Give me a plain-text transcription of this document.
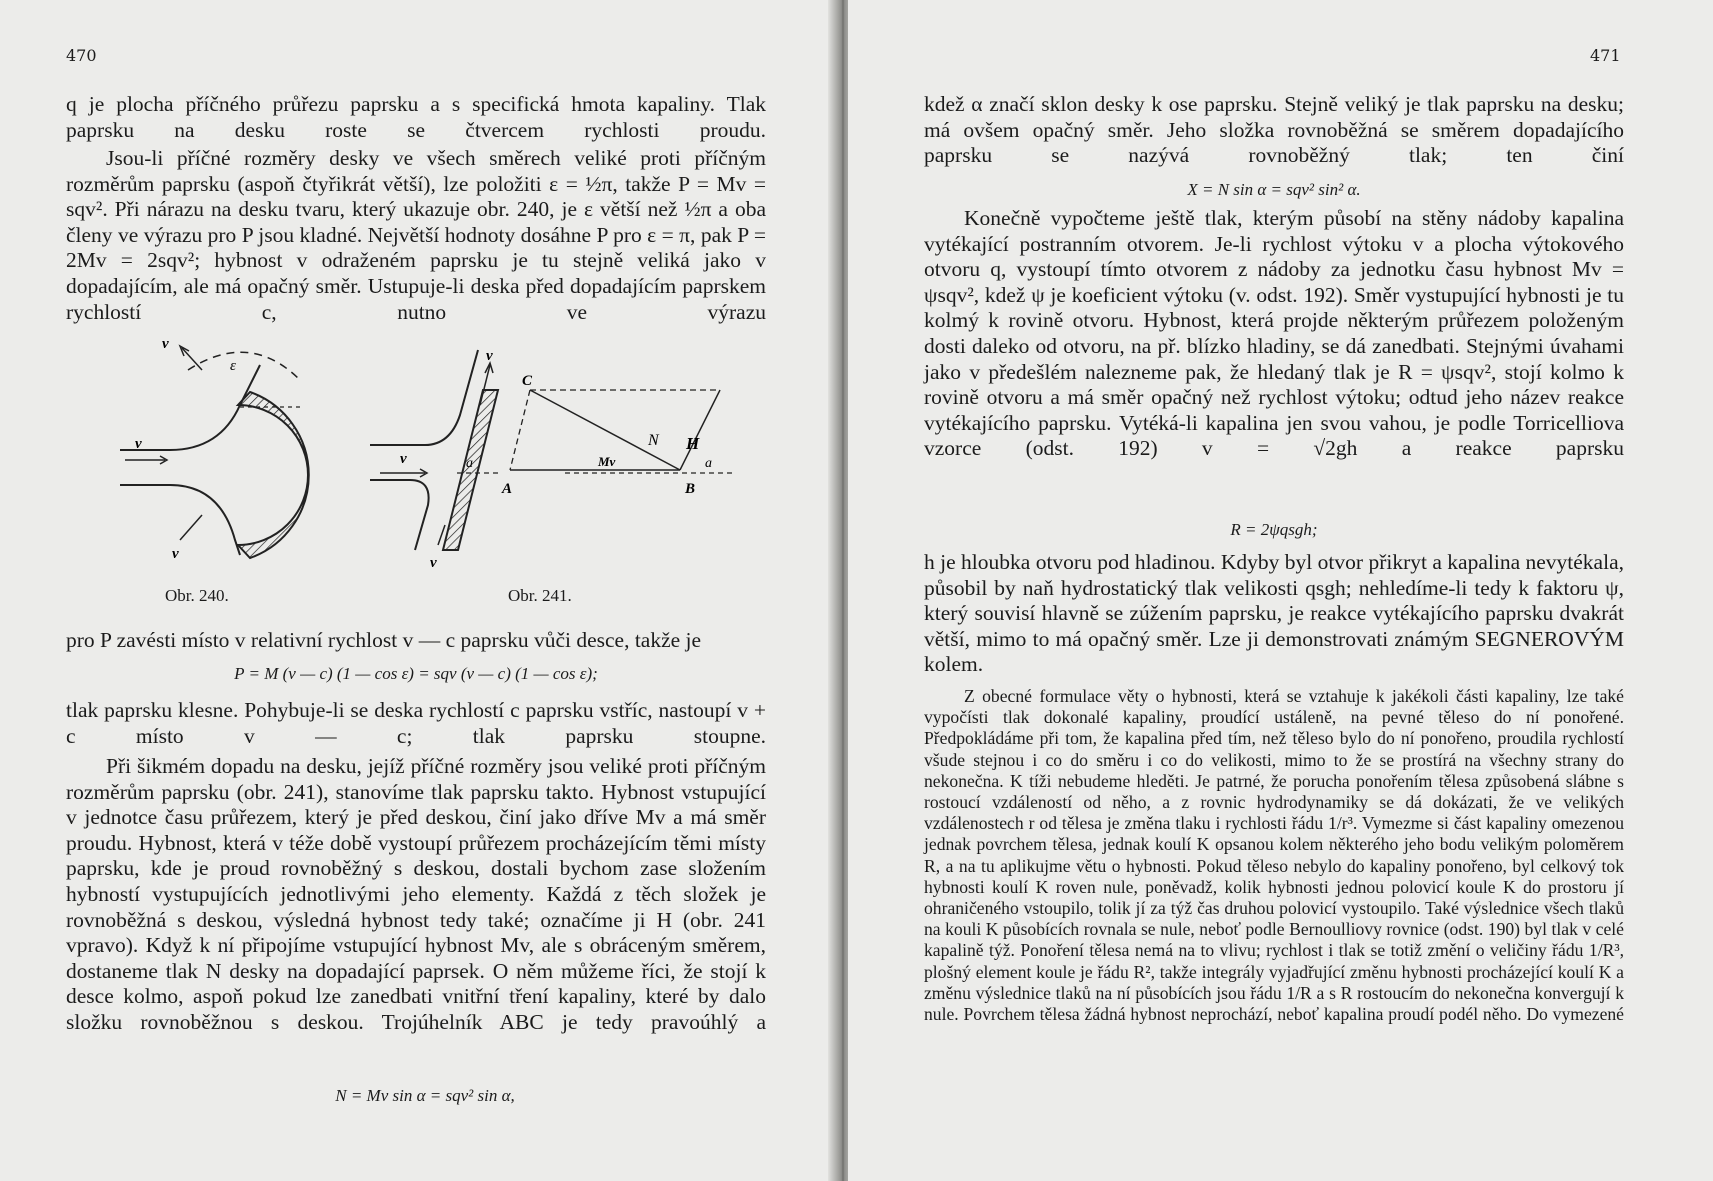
470

q je plocha příčného průřezu paprsku a s specifická hmota kapaliny. Tlak paprsku na desku roste se čtvercem rychlosti proudu.

Jsou-li příčné rozměry desky ve všech směrech veliké proti příčným rozměrům paprsku (aspoň čtyřikrát větší), lze položiti ε = ½π, takže P = Mv = sqv². Při nárazu na desku tvaru, který ukazuje obr. 240, je ε větší než ½π a oba členy ve výrazu pro P jsou kladné. Největší hodnoty dosáhne P pro ε = π, pak P = 2Mv = 2sqv²; hybnost v odraženém paprsku je tu stejně veliká jako v dopadajícím, ale má opačný směr. Ustupuje-li deska před dopadajícím paprskem rychlostí c, nutno ve výrazu

v
ε
v
v
Obr. 240.
v
v
v
a	a
C
A	B
N H
Mv
Obr. 241.

pro P zavésti místo v relativní rychlost v — c paprsku vůči desce, takže je

P = M (v — c) (1 — cos ε) = sqv (v — c) (1 — cos ε);

tlak paprsku klesne. Pohybuje-li se deska rychlostí c paprsku vstříc, nastoupí v + c místo v — c; tlak paprsku stoupne.

Při šikmém dopadu na desku, jejíž příčné rozměry jsou veliké proti příčným rozměrům paprsku (obr. 241), stanovíme tlak paprsku takto. Hybnost vstupující v jednotce času průřezem, který je před deskou, činí jako dříve Mv a má směr proudu. Hybnost, která v téže době vystoupí průřezem procházejícím těmi místy paprsku, kde je proud rovnoběžný s deskou, dostali bychom zase složením hybností vystupujících jednotlivými jeho elementy. Každá z těch složek je rovnoběžná s deskou, výsledná hybnost tedy také; označíme ji H (obr. 241 vpravo). Když k ní připojíme vstupující hybnost Mv, ale s obráceným směrem, dostaneme tlak N desky na dopadající paprsek. O něm můžeme říci, že stojí k desce kolmo, aspoň pokud lze zanedbati vnitřní tření kapaliny, které by dalo složku rovnoběžnou s deskou. Trojúhelník ABC je tedy pravoúhlý a

N = Mv sin α = sqv² sin α,
471

kdež α značí sklon desky k ose paprsku. Stejně veliký je tlak paprsku na desku; má ovšem opačný směr. Jeho složka rovnoběžná se směrem dopadajícího paprsku se nazývá rovnoběžný tlak; ten činí

X = N sin α = sqv² sin² α.

Konečně vypočteme ještě tlak, kterým působí na stěny nádoby kapalina vytékající postranním otvorem. Je-li rychlost výtoku v a plocha výtokového otvoru q, vystoupí tímto otvorem z nádoby za jednotku času hybnost Mv = ψsqv², kdež ψ je koeficient výtoku (v. odst. 192). Směr vystupující hybnosti je tu kolmý k rovině otvoru. Hybnost, která projde některým průřezem položeným dosti daleko od otvoru, na př. blízko hladiny, se dá zanedbati. Stejnými úvahami jako v předešlém nalezneme pak, že hledaný tlak je R = ψsqv², stojí kolmo k rovině otvoru a má směr opačný než rychlost výtoku; odtud jeho název reakce vytékajícího paprsku. Vytéká-li kapalina jen svou vahou, je podle Torricelliova vzorce (odst. 192) v = √2gh a reakce paprsku

R = 2ψqsgh;

h je hloubka otvoru pod hladinou. Kdyby byl otvor přikryt a kapalina nevytékala, působil by naň hydrostatický tlak velikosti qsgh; nehledíme-li tedy k faktoru ψ, který souvisí hlavně se zúžením paprsku, je reakce vytékajícího paprsku dvakrát větší, mimo to má opačný směr. Lze ji demonstrovati známým SEGNEROVÝM kolem.

Z obecné formulace věty o hybnosti, která se vztahuje k jakékoli části kapaliny, lze také vypočísti tlak dokonalé kapaliny, proudící ustáleně, na pevné těleso do ní ponořené. Předpokládáme při tom, že kapalina před tím, než těleso bylo do ní ponořeno, proudila rychlostí všude stejnou i co do směru i co do velikosti, mimo to že se prostírá na všechny strany do nekonečna. K tíži nebudeme hleděti. Je patrné, že porucha ponořením tělesa způsobená slábne s rostoucí vzdáleností od něho, a z rovnic hydrodynamiky se dá dokázati, že ve velikých vzdálenostech r od tělesa je změna tlaku i rychlosti řádu 1/r³. Vymezme si část kapaliny omezenou jednak povrchem tělesa, jednak koulí K opsanou kolem některého jeho bodu velikým poloměrem R, a na tu aplikujme větu o hybnosti. Pokud těleso nebylo do kapaliny ponořeno, byl celkový tok hybnosti koulí K roven nule, poněvadž, kolik hybnosti jednou polovicí koule K do prostoru jí ohraničeného vstoupilo, tolik jí za týž čas druhou polovicí vystoupilo. Také výslednice všech tlaků na kouli K působících rovnala se nule, neboť podle Bernoulliovy rovnice (odst. 190) byl tlak v celé kapalině týž. Ponoření tělesa nemá na to vlivu; rychlost i tlak se totiž změní o veličiny řádu 1/R³, plošný element koule je řádu R², takže integrály vyjadřující změnu hybnosti procházející koulí K a změnu výslednice tlaků na ní působících jsou řádu 1/R a s R rostoucím do nekonečna konvergují k nule. Povrchem tělesa žádná hybnost neprochází, neboť kapalina proudí podél něho. Do vymezené
